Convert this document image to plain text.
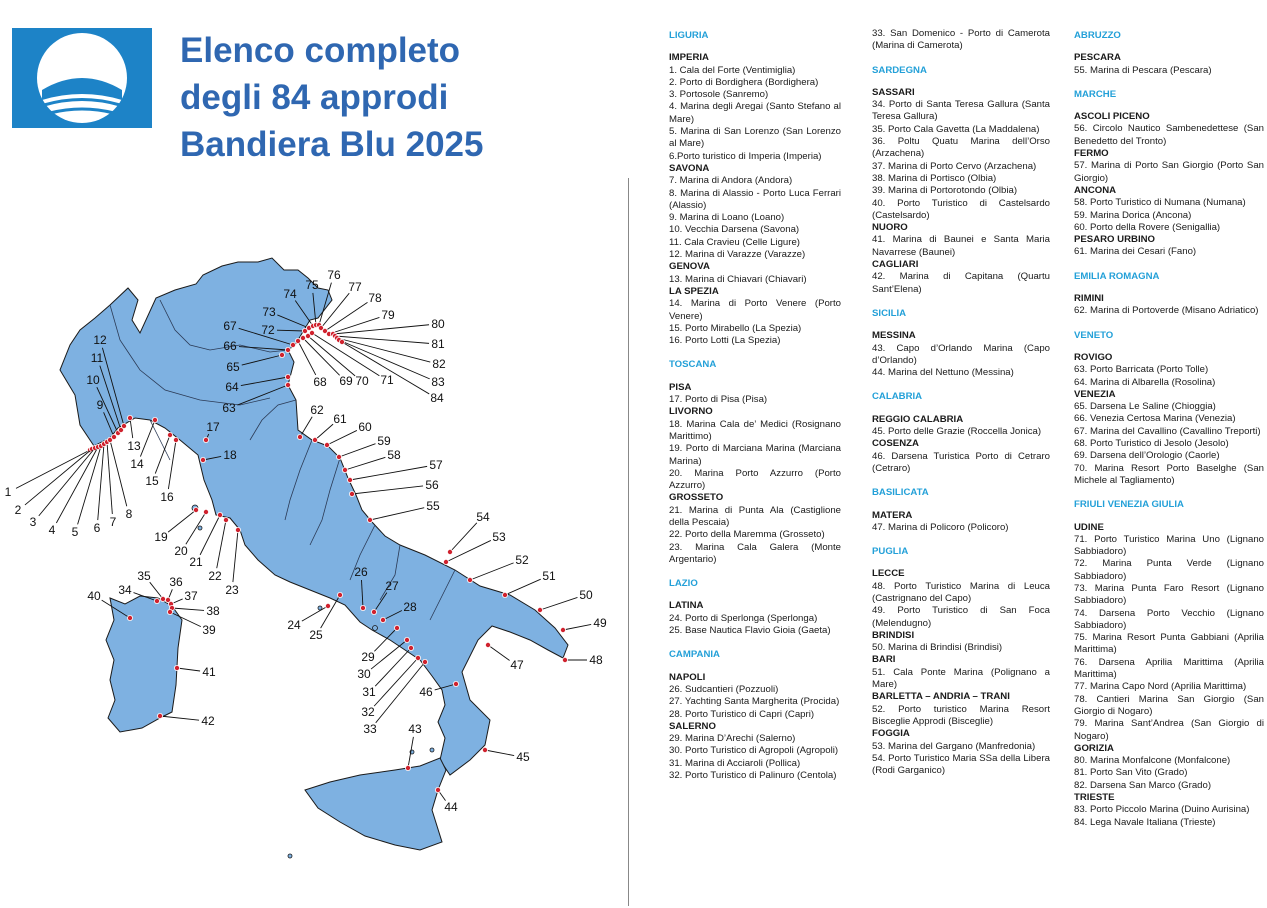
Elenco completo
degli 84 approdi
Bandiera Blu 2025
1
2
3
4 5 6 7
8
9
10
11
12
13
14
15
16
17
18
19
20
21
22
23
24
25
26
27
28
29
30
31
32
33
34
35 36
37
38
39
40
41
42
43
44
45
46
47	48
49
50
51
52
53
54
55
56
57
58
59
60
61
62
63
64
65
66
67
68 69 70 71
72
73
74
75
76
77
78
79
80
81
82
83
84
LIGURIA
IMPERIA
1. Cala del Forte (Ventimiglia)
2. Porto di Bordighera (Bordighera)
3. Portosole (Sanremo)
4. Marina degli Aregai (Santo Stefano al Mare)
5. Marina di San Lorenzo (San Lorenzo al Mare)
6.Porto turistico di Imperia (Imperia)
SAVONA
7. Marina di Andora (Andora)
8. Marina di Alassio - Porto Luca Ferrari (Alassio)
9. Marina di Loano (Loano)
10. Vecchia Darsena (Savona)
11. Cala Cravieu (Celle Ligure)
12. Marina di Varazze (Varazze)
GENOVA
13. Marina di Chiavari (Chiavari)
LA SPEZIA
14. Marina di Porto Venere (Porto Venere)
15. Porto Mirabello (La Spezia)
16. Porto Lotti (La Spezia)
TOSCANA
PISA
17. Porto di Pisa (Pisa)
LIVORNO
18. Marina Cala de’ Medici (Rosignano Marittimo)
19. Porto di Marciana Marina (Marciana Marina)
20. Marina Porto Azzurro (Porto Azzurro)
GROSSETO
21. Marina di Punta Ala (Castiglione della Pescaia)
22. Porto della Maremma (Grosseto)
23. Marina Cala Galera (Monte Argentario)
LAZIO
LATINA
24. Porto di Sperlonga (Sperlonga)
25. Base Nautica Flavio Gioia (Gaeta)
CAMPANIA
NAPOLI
26. Sudcantieri (Pozzuoli)
27. Yachting Santa Margherita (Procida)
28. Porto Turistico di Capri (Capri)
SALERNO
29. Marina D’Arechi (Salerno)
30. Porto Turistico di Agropoli (Agropoli)
31. Marina di Acciaroli (Pollica)
32. Porto Turistico di Palinuro (Centola)
33. San Domenico - Porto di Camerota (Marina di Camerota)
SARDEGNA
SASSARI
34. Porto di Santa Teresa Gallura (Santa Teresa Gallura)
35. Porto Cala Gavetta (La Maddalena)
36. Poltu Quatu Marina dell’Orso (Arzachena)
37. Marina di Porto Cervo (Arzachena)
38. Marina di Portisco (Olbia)
39. Marina di Portorotondo (Olbia)
40. Porto Turistico di Castelsardo (Castelsardo)
NUORO
41. Marina di Baunei e Santa Maria Navarrese (Baunei)
CAGLIARI
42. Marina di Capitana (Quartu Sant’Elena)
SICILIA
MESSINA
43. Capo d’Orlando Marina (Capo d’Orlando)
44. Marina del Nettuno (Messina)
CALABRIA
REGGIO CALABRIA
45. Porto delle Grazie (Roccella Jonica)
COSENZA
46. Darsena Turistica Porto di Cetraro (Cetraro)
BASILICATA
MATERA
47. Marina di Policoro (Policoro)
PUGLIA
LECCE
48. Porto Turistico Marina di Leuca (Castrignano del Capo)
49. Porto Turistico di San Foca (Melendugno)
BRINDISI
50. Marina di Brindisi (Brindisi)
BARI
51. Cala Ponte Marina (Polignano a Mare)
BARLETTA – ANDRIA – TRANI
52. Porto turistico Marina Resort Bisceglie Approdi (Bisceglie)
FOGGIA
53. Marina del Gargano (Manfredonia)
54. Porto Turistico Maria SSa della Libera (Rodi Garganico)
ABRUZZO
PESCARA
55. Marina di Pescara (Pescara)
MARCHE
ASCOLI PICENO
56. Circolo Nautico Sambenedettese (San Benedetto del Tronto)
FERMO
57. Marina di Porto San Giorgio (Porto San Giorgio)
ANCONA
58. Porto Turistico di Numana (Numana)
59. Marina Dorica (Ancona)
60. Porto della Rovere (Senigallia)
PESARO URBINO
61. Marina dei Cesari (Fano)
EMILIA ROMAGNA
RIMINI
62. Marina di Portoverde (Misano Adriatico)
VENETO
ROVIGO
63. Porto Barricata (Porto Tolle)
64. Marina di Albarella (Rosolina)
VENEZIA
65. Darsena Le Saline (Chioggia)
66. Venezia Certosa Marina (Venezia)
67. Marina del Cavallino (Cavallino Treporti)
68. Porto Turistico di Jesolo (Jesolo)
69. Darsena dell’Orologio (Caorle)
70. Marina Resort Porto Baselghe (San Michele al Tagliamento)
FRIULI VENEZIA GIULIA
UDINE
71. Porto Turistico Marina Uno (Lignano Sabbiadoro)
72. Marina Punta Verde (Lignano Sabbiadoro)
73. Marina Punta Faro Resort (Lignano Sabbiadoro)
74. Darsena Porto Vecchio (Lignano Sabbiadoro)
75. Marina Resort Punta Gabbiani (Aprilia Marittima)
76. Darsena Aprilia Marittima (Aprilia Marittima)
77. Marina Capo Nord (Aprilia Marittima)
78. Cantieri Marina San Giorgio (San Giorgio di Nogaro)
79. Marina Sant’Andrea (San Giorgio di Nogaro)
GORIZIA
80. Marina Monfalcone (Monfalcone)
81. Porto San Vito (Grado)
82. Darsena San Marco (Grado)
TRIESTE
83. Porto Piccolo Marina (Duino Aurisina)
84. Lega Navale Italiana (Trieste)
